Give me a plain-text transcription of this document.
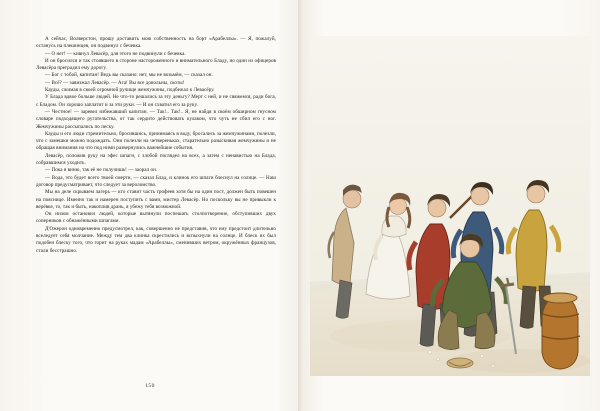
А сейчас, Волверстон, прошу доставить мою собственность на борт «Арабеллы». — Я, пожалуй, останусь на плешинцев, он подвинул с бечевка.

— О нет! — кивнул Левасёр, для этого не подвинули с бечевка.

И он бросился и так стоявшего в стороне настороженного и внимательного Бладу, но один из офицеров Левасёра преградил ему дорогу.

— Бог с тобой, капитан! Ведь вы сказано: нет, мы не возьмём, — сказал он.

— Всё? — завизжал Левасёр. — Ага! Вы все довольны, скоты!

Кауды, сжимая в своей огромной ручище жемчужины, подбежал к Левасёру.

У Блада вдвое больше людей. Не что-то решались за эту деньгу? Мерт с ней, и не свяжемся, ради бога, с Бладом. Он хорошо заплатит и за эти руки. — И он схватил его за руку.

— Честное! — заревел избежавший капитан. — Так!.. Так!.. Я, не найдя в своём обширном гнусном словаре подходящего ругательства, от так сердито действовать кулаком, что чуть не сбил его с ног. Жемчужины рассыпались по песку.

Кауды и его люди стремительно, бросившись, принимаясь в воду, бросались за жемчужинами, полезли, что с замешки можно подождать. Они полезли на четвереньках, старательно разыскивая жемчужины и не обращая внимания на что под ними развернулись важнейшие события.

Левасёр, положив руку на эфес шпаги, с злобой поглядел на всех, а затем с ненавистью на Блада, собравшимся уходить.

— Пока я виню, так её не получишь! — заорал он.

— Вода, это будет всего твоей смерти, — сказал Блад, и клинок его шпаги блеснул на солнце. — Наш договор предусматривает, что следует за вероломство.

Мы на деле скрываем лагерь — кто ставит часть трофеев хотя бы на один пост, должен быть повешен на пояснице. Именно так и намерен поступить с вами, мистер Левасёр. Но поскольку вы не привыкли к верёвке, то, так и быть, накоплив дрань, я убежу тебя возможной.

Он низом остановил людей, которые вытянули поспешать столпотворение, обступивших двух соперников с обнажёнными шпагами.

Д'Ожерон одновременно предусмотрел, как, совершенно не представив, что ему предстоит длительно вселедует себя молчание. Между тем два клинка скрестились и вспыхнули на солнце. И блеск их был подобен блеску того, что горит на руках мадам «Арабеллы», сменивших ветром, окружённых французов, стали бесстрашно.

150
